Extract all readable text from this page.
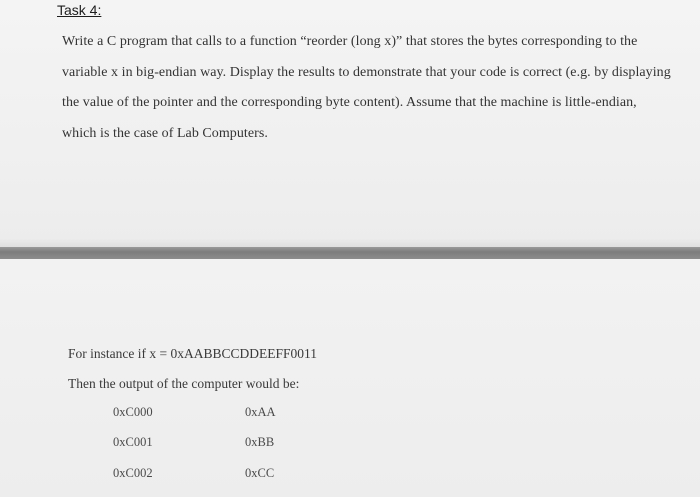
Task 4:
Write a C program that calls to a function “reorder (long x)” that stores the bytes corresponding to the
variable x in big-endian way. Display the results to demonstrate that your code is correct (e.g. by displaying
the value of the pointer and the corresponding byte content). Assume that the machine is little-endian,
which is the case of Lab Computers.

For instance if x = 0xAABBCCDDEEFF0011

Then the output of the computer would be:

0xC000	0xAA
0xC001	0xBB
0xC002	0xCC
